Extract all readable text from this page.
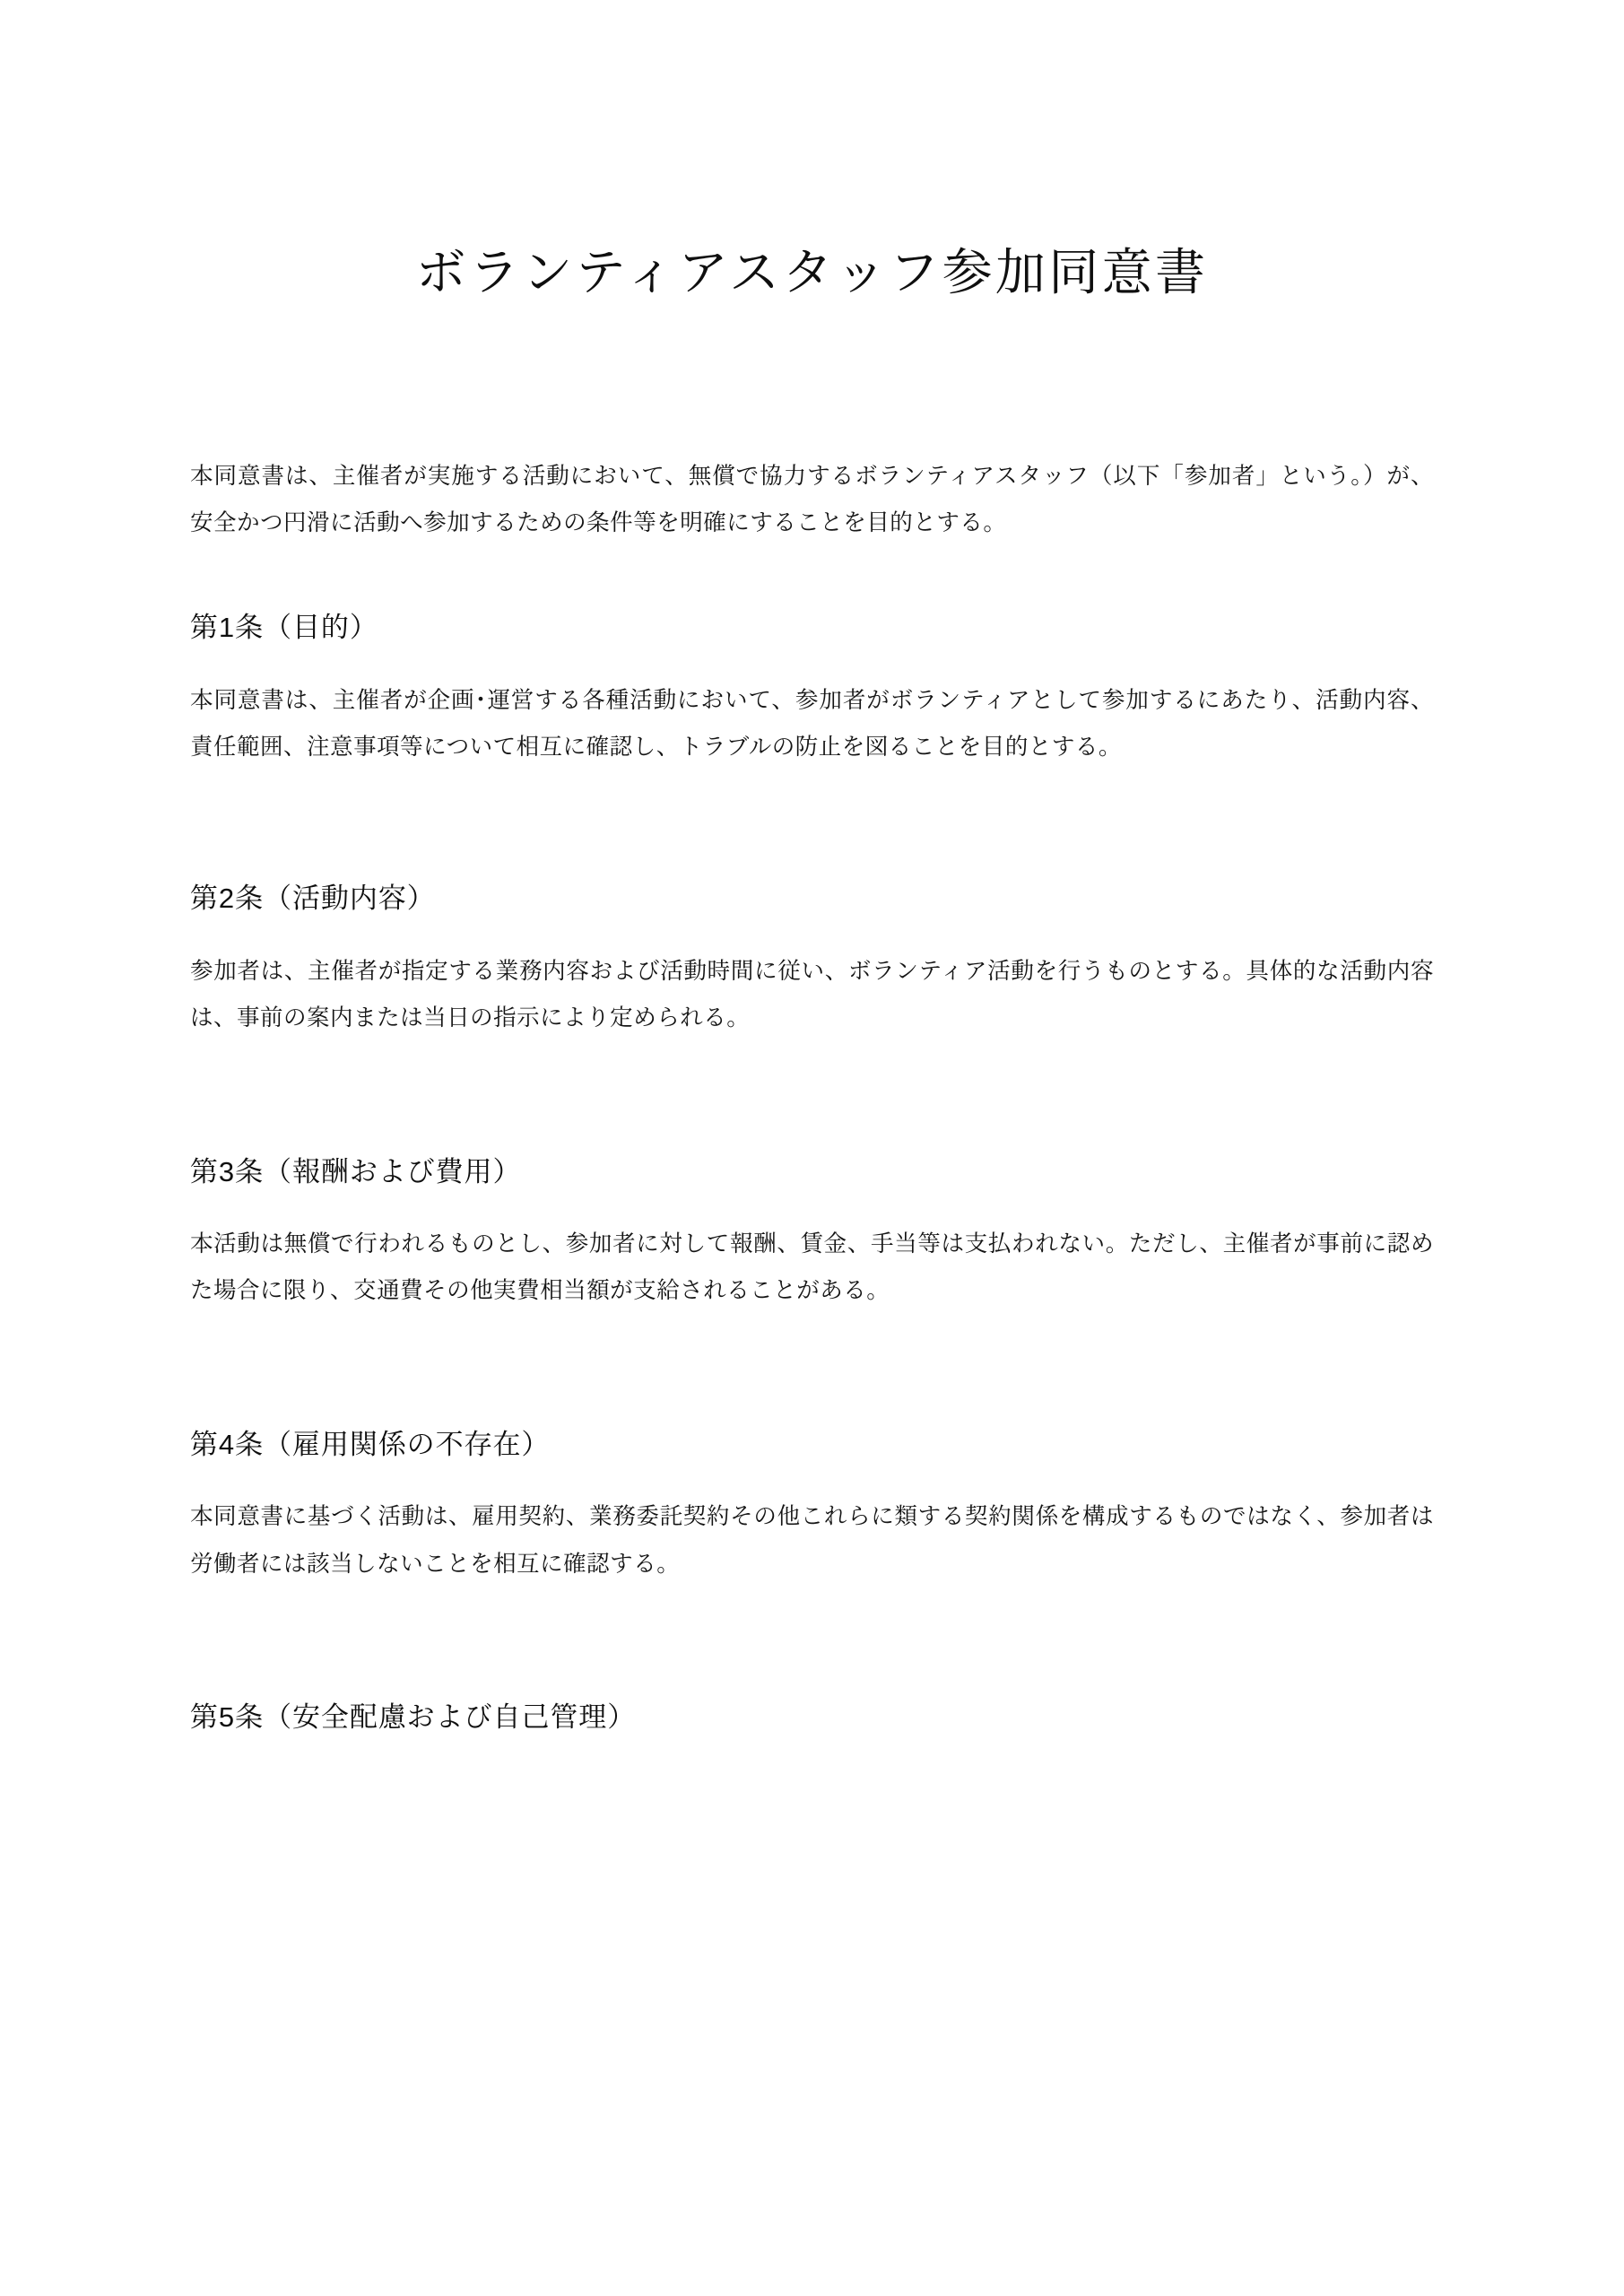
ボランティアスタッフ参加同意書

本同意書は、主催者が実施する活動において、無償で協力するボランティアスタッフ（以下「参加者」という。）が、安全かつ円滑に活動へ参加するための条件等を明確にすることを目的とする。

第1条（目的）

本同意書は、主催者が企画･運営する各種活動において、参加者がボランティアとして参加するにあたり、活動内容、責任範囲、注意事項等について相互に確認し、トラブルの防止を図ることを目的とする。

第2条（活動内容）

参加者は、主催者が指定する業務内容および活動時間に従い、ボランティア活動を行うものとする。具体的な活動内容は、事前の案内または当日の指示により定められる。

第3条（報酬および費用）

本活動は無償で行われるものとし、参加者に対して報酬、賃金、手当等は支払われない。ただし、主催者が事前に認めた場合に限り、交通費その他実費相当額が支給されることがある。

第4条（雇用関係の不存在）

本同意書に基づく活動は、雇用契約、業務委託契約その他これらに類する契約関係を構成するものではなく、参加者は労働者には該当しないことを相互に確認する。

第5条（安全配慮および自己管理）
